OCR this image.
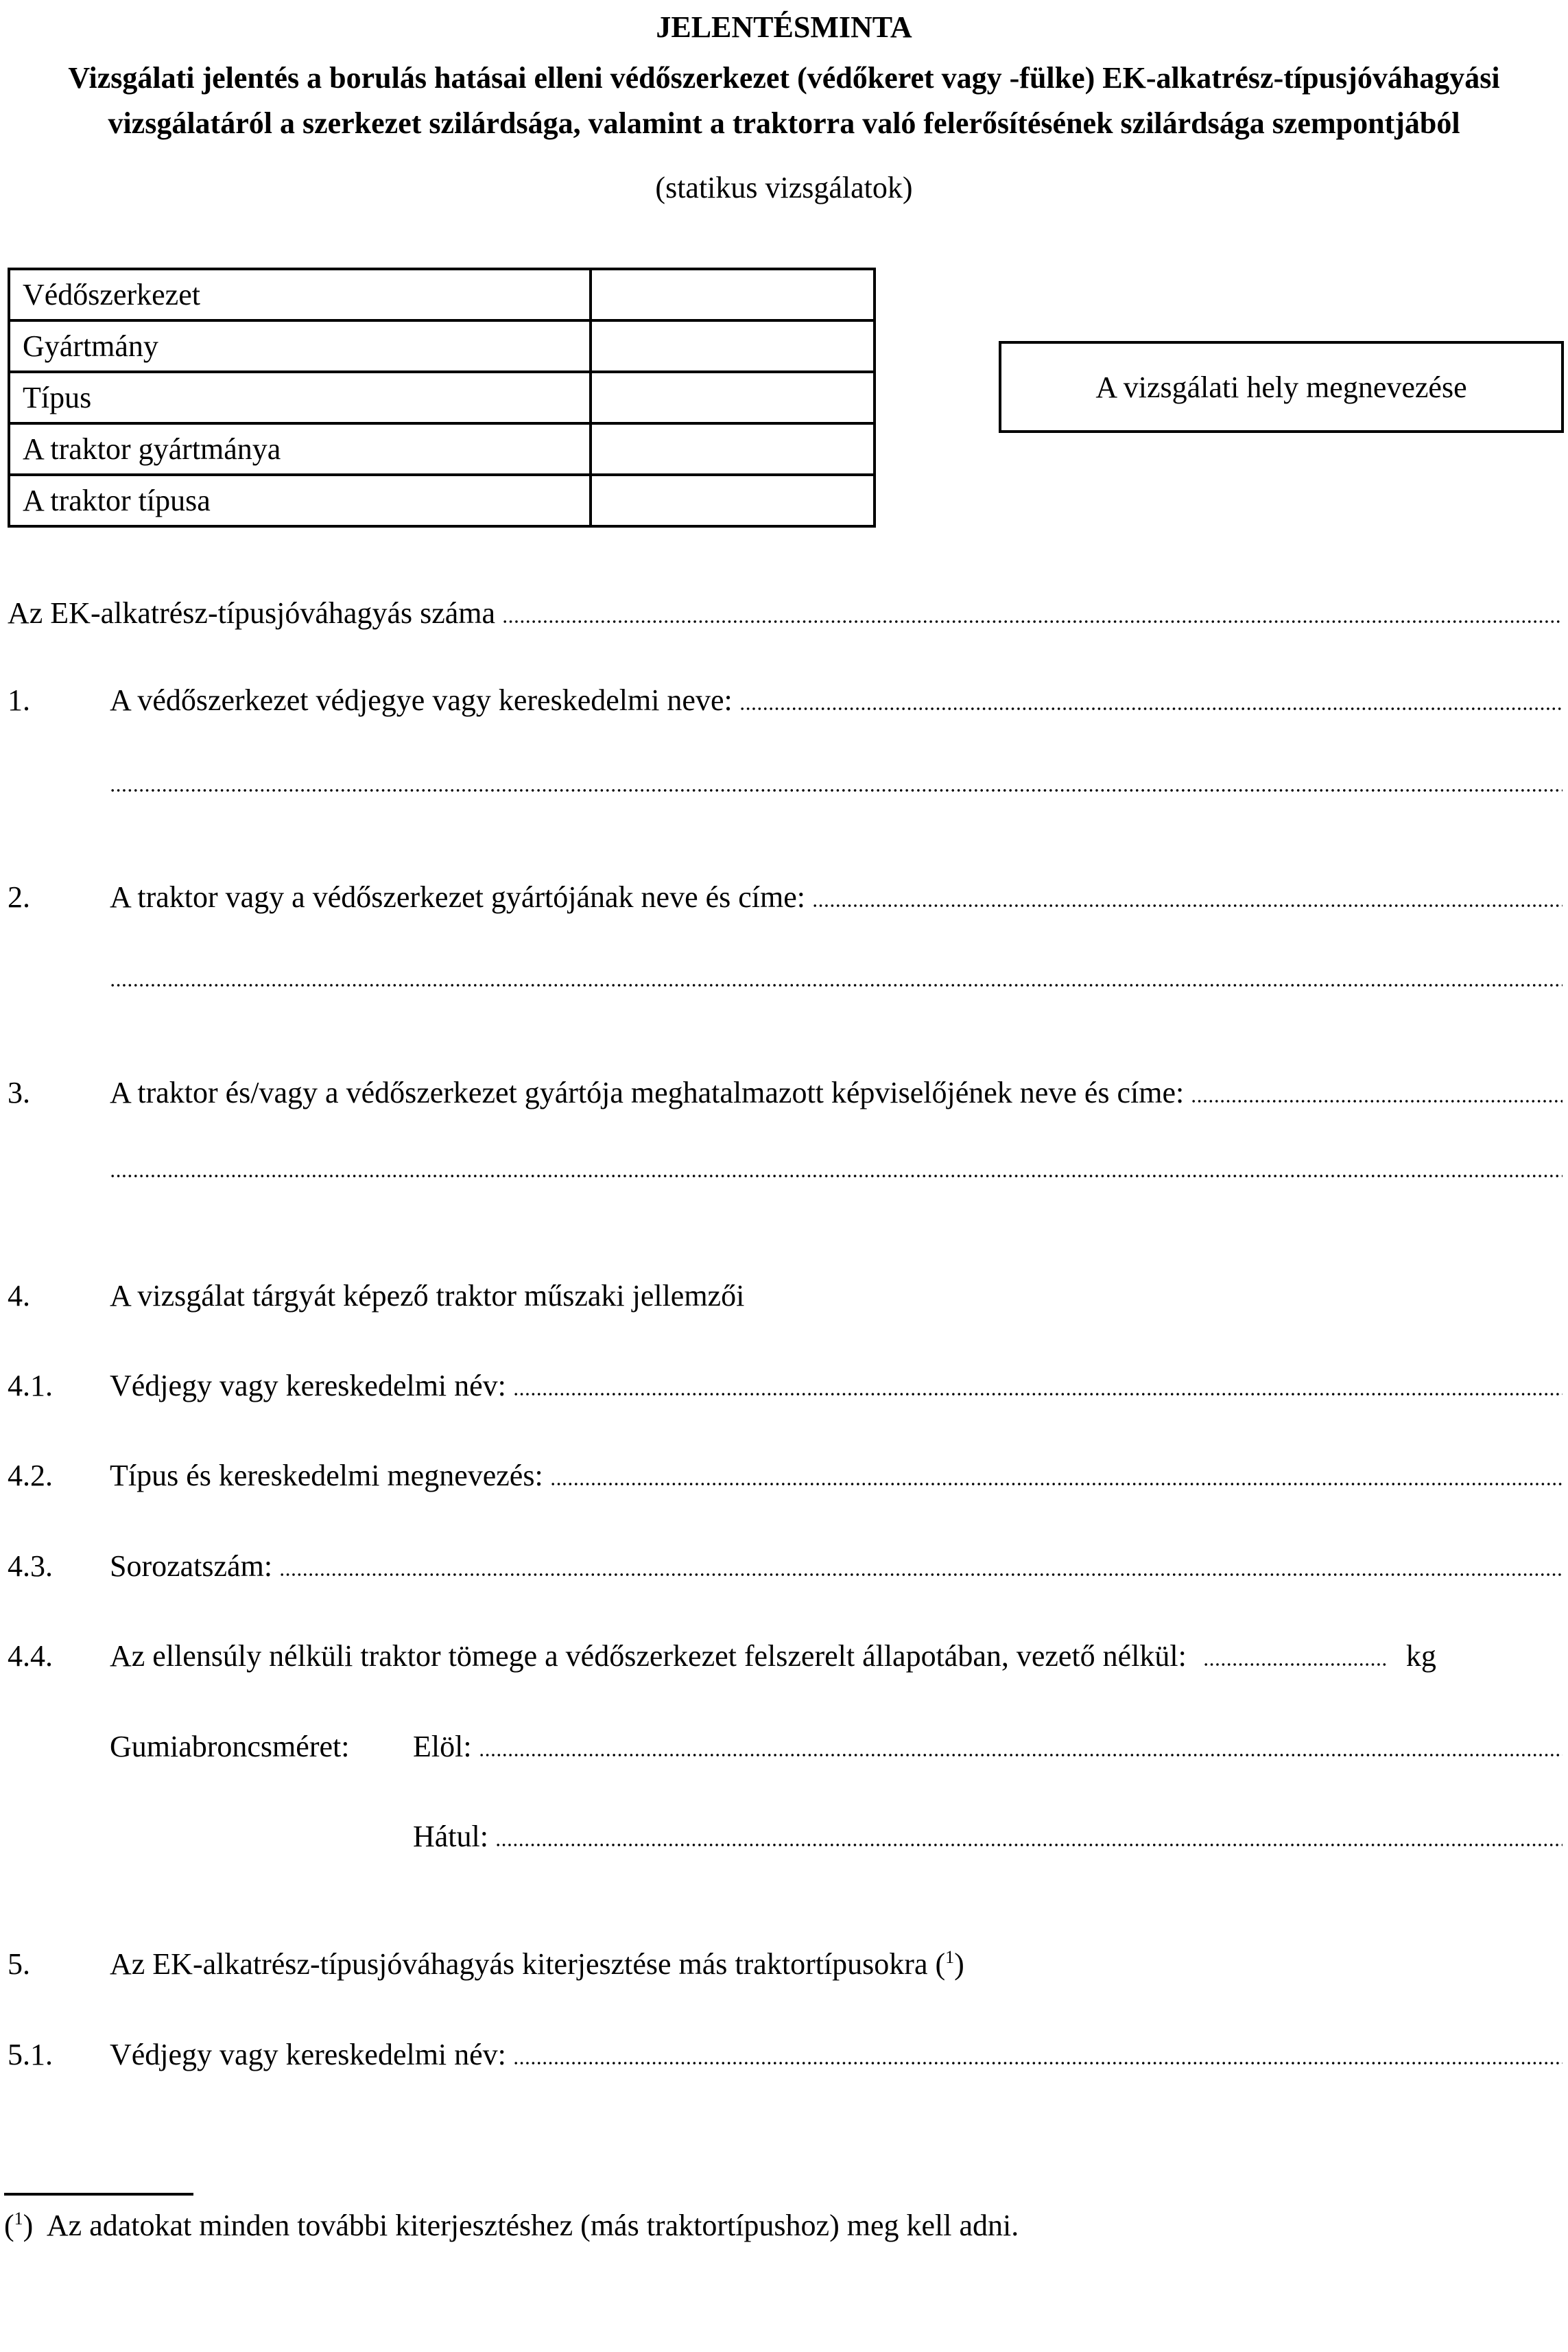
JELENTÉSMINTA
Vizsgálati jelentés a borulás hatásai elleni védőszerkezet (védőkeret vagy -fülke) EK-alkatrész-típusjóváhagyási
vizsgálatáról a szerkezet szilárdsága, valamint a traktorra való felerősítésének szilárdsága szempontjából
(statikus vizsgálatok)
Védőszerkezet	
Gyártmány	
Típus	
A traktor gyártmánya	
A traktor típusa	
A vizsgálati hely megnevezése
Az EK-alkatrész-típusjóváhagyás száma
1.	A védőszerkezet védjegye vagy kereskedelmi neve:
2.	A traktor vagy a védőszerkezet gyártójának neve és címe:
3.	A traktor és/vagy a védőszerkezet gyártója meghatalmazott képviselőjének neve és címe:
4.	A vizsgálat tárgyát képező traktor műszaki jellemzői
4.1.	Védjegy vagy kereskedelmi név:
4.2.	Típus és kereskedelmi megnevezés:
4.3.	Sorozatszám:
4.4.	Az ellensúly nélküli traktor tömege a védőszerkezet felszerelt állapotában, vezető nélkül:	kg
Gumiabroncsméret:	Elöl:
Hátul:
5.	Az EK-alkatrész-típusjóváhagyás kiterjesztése más traktortípusokra ($^1$)
5.1.	Védjegy vagy kereskedelmi név:
($^1$)  Az adatokat minden további kiterjesztéshez (más traktortípushoz) meg kell adni.
